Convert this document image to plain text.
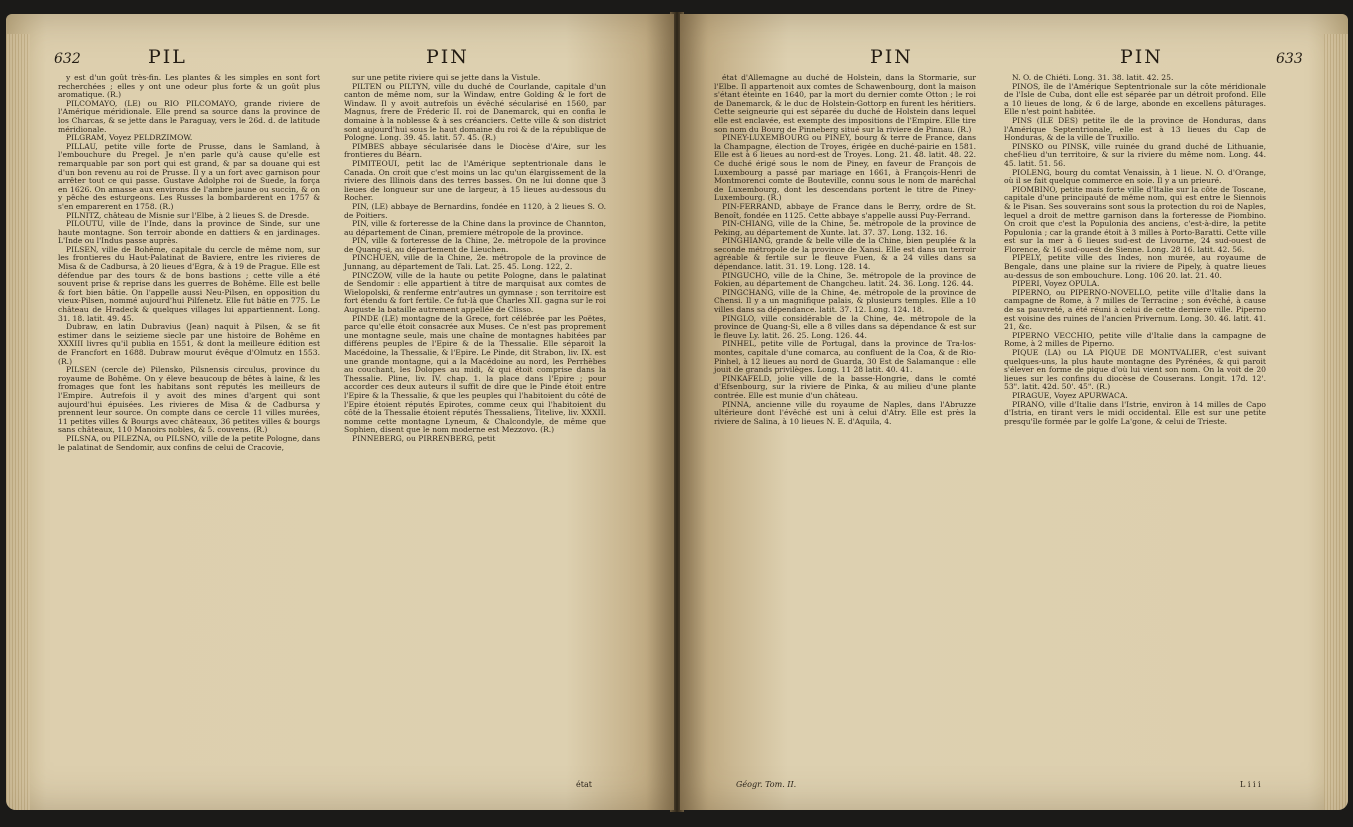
632	PIL	PIN

y est d'un goût très-fin. Les plantes & les simples en sont fort recherchées ; elles y ont une odeur plus forte & un goût plus aromatique. (R.)

PILCOMAYO, (LE) ou RIO PILCOMAYO, grande riviere de l'Amérique méridionale. Elle prend sa source dans la province de los Charcas, & se jette dans le Paraguay, vers le 26d. d. de latitude méridionale.

PILGRAM, Voyez PELDRZIMOW.

PILLAU, petite ville forte de Prusse, dans le Samland, à l'embouchure du Pregel. Je n'en parle qu'à cause qu'elle est remarquable par son port qui est grand, & par sa douane qui est d'un bon revenu au roi de Prusse. Il y a un fort avec garnison pour arrêter tout ce qui passe. Gustave Adolphe roi de Suede, la força en 1626. On amasse aux environs de l'ambre jaune ou succin, & on y pêche des esturgeons. Les Russes la bombarderent en 1757 & s'en emparerent en 1758. (R.)

PILNITZ, château de Misnie sur l'Elbe, à 2 lieues S. de Dresde.

PILOUTU, ville de l'Inde, dans la province de Sinde, sur une haute montagne. Son terroir abonde en dattiers & en jardinages. L'Inde ou l'Indus passe auprès.

PILSEN, ville de Bohême, capitale du cercle de même nom, sur les frontieres du Haut-Palatinat de Baviere, entre les rivieres de Misa & de Cadbursa, à 20 lieues d'Egra, & à 19 de Prague. Elle est défendue par des tours & de bons bastions ; cette ville a été souvent prise & reprise dans les guerres de Bohême. Elle est belle & fort bien bâtie. On l'appelle aussi Neu-Pilsen, en opposition du vieux-Pilsen, nommé aujourd'hui Pilfenetz. Elle fut bâtie en 775. Le château de Hradeck & quelques villages lui appartiennent. Long. 31. 18. latit. 49. 45.

Dubraw, en latin Dubravius (Jean) naquit à Pilsen, & se fit estimer dans le seizieme siecle par une histoire de Bohême en XXXIII livres qu'il publia en 1551, & dont la meilleure édition est de Francfort en 1688. Dubraw mourut évêque d'Olmutz en 1553. (R.)

PILSEN (cercle de) Pilensko, Pilsnensis circulus, province du royaume de Bohême. On y éleve beaucoup de bêtes à laine, & les fromages que font les habitans sont réputés les meilleurs de l'Empire. Autrefois il y avoit des mines d'argent qui sont aujourd'hui épuisées. Les rivieres de Misa & de Cadbursa y prennent leur source. On compte dans ce cercle 11 villes murées, 11 petites villes & Bourgs avec châteaux, 36 petites villes & bourgs sans châteaux, 110 Manoirs nobles, & 5. couvens. (R.)

PILSNA, ou PILEZNA, ou PILSNO, ville de la petite Pologne, dans le palatinat de Sendomir, aux confins de celui de Cracovie,

sur une petite riviere qui se jette dans la Vistule.

PILTEN ou PILTYN, ville du duché de Courlande, capitale d'un canton de même nom, sur la Windaw, entre Golding & le fort de Windaw. Il y avoit autrefois un évêché sécularisé en 1560, par Magnus, frere de Fréderic II. roi de Danemarck, qui en confia le domaine à la noblesse & à ses créanciers. Cette ville & son district sont aujourd'hui sous le haut domaine du roi & de la république de Pologne. Long. 39. 45. latit. 57. 45. (R.)

PIMBES abbaye sécularisée dans le Diocèse d'Aire, sur les frontieres du Béarn.

PIMITEOUI, petit lac de l'Amérique septentrionale dans le Canada. On croit que c'est moins un lac qu'un élargissement de la riviere des Illinois dans des terres basses. On ne lui donne que 3 lieues de longueur sur une de largeur, à 15 lieues au-dessous du Rocher.

PIN, (LE) abbaye de Bernardins, fondée en 1120, à 2 lieues S. O. de Poitiers.

PIN, ville & forteresse de la Chine dans la province de Channton, au département de Cinan, premiere métropole de la province.

PIN, ville & forteresse de la Chine, 2e. métropole de la province de Quang-si, au département de Lieuchen.

PINCHUEN, ville de la Chine, 2e. métropole de la province de Junnang, au département de Tali. Lat. 25. 45. Long. 122, 2.

PINCZOW, ville de la haute ou petite Pologne, dans le palatinat de Sendomir : elle appartient à titre de marquisat aux comtes de Wielopolski, & renferme entr'autres un gymnase ; son territoire est fort étendu & fort fertile. Ce fut-là que Charles XII. gagna sur le roi Auguste la bataille autrement appellée de Clisso.

PINDE (LE) montagne de la Grece, fort célébrée par les Poëtes, parce qu'elle étoit consacrée aux Muses. Ce n'est pas proprement une montagne seule, mais une chaîne de montagnes habitées par différens peuples de l'Epire & de la Thessalie. Elle séparoit la Macédoine, la Thessalie, & l'Epire. Le Pinde, dit Strabon, liv. IX. est une grande montagne, qui a la Macédoine au nord, les Perrhèbes au couchant, les Dolopes au midi, & qui étoit comprise dans la Thessalie. Pline, liv. IV. chap. 1. la place dans l'Epire ; pour accorder ces deux auteurs il suffit de dire que le Pinde étoit entre l'Epire & la Thessalie, & que les peuples qui l'habitoient du côté de l'Epire étoient réputés Epirotes, comme ceux qui l'habitoient du côté de la Thessalie étoient réputés Thessaliens, Titelive, liv. XXXII. nomme cette montagne Lyneum, & Chalcondyle, de même que Sophien, disent que le nom moderne est Mezzovo. (R.)

PINNEBERG, ou PIRRENBERG, petit

état
PIN	PIN	633

état d'Allemagne au duché de Holstein, dans la Stormarie, sur l'Elbe. Il appartenoit aux comtes de Schawenbourg, dont la maison s'étant éteinte en 1640, par la mort du dernier comte Otton ; le roi de Danemarck, & le duc de Holstein-Gottorp en furent les héritiers. Cette seigneurie qui est séparée du duché de Holstein dans lequel elle est enclavée, est exempte des impositions de l'Empire. Elle tire son nom du Bourg de Pinneberg situé sur la riviere de Pinnau. (R.)

PINEY-LUXEMBOURG ou PINEY, bourg & terre de France, dans la Champagne, élection de Troyes, érigée en duché-pairie en 1581. Elle est à 6 lieues au nord-est de Troyes. Long. 21. 48. latit. 48. 22. Ce duché érigé sous le nom de Piney, en faveur de François de Luxembourg a passé par mariage en 1661, à François-Henri de Montmorenci comte de Bouteville, connu sous le nom de maréchal de Luxembourg, dont les descendans portent le titre de Piney-Luxembourg. (R.)

PIN-FERRAND, abbaye de France dans le Berry, ordre de St. Benoît, fondée en 1125. Cette abbaye s'appelle aussi Puy-Ferrand.

PIN-CHIANG, ville de la Chine, 5e. métropole de la province de Peking, au département de Xunte. lat. 37. 37. Long. 132. 16.

PINGHIANG, grande & belle ville de la Chine, bien peuplée & la seconde métropole de la province de Xansi. Elle est dans un terroir agréable & fertile sur le fleuve Fuen, & a 24 villes dans sa dépendance. latit. 31. 19. Long. 128. 14.

PINGUCHO, ville de la Chine, 3e. métropole de la province de Fokien, au département de Changcheu. latit. 24. 36. Long. 126. 44.

PINGCHANG, ville de la Chine, 4e. métropole de la province de Chensi. Il y a un magnifique palais, & plusieurs temples. Elle a 10 villes dans sa dépendance. latit. 37. 12. Long. 124. 18.

PINGLO, ville considérable de la Chine, 4e. métropole de la province de Quang-Si, elle a 8 villes dans sa dépendance & est sur le fleuve Ly. latit. 26. 25. Long. 126. 44.

PINHEL, petite ville de Portugal, dans la province de Tra-los-montes, capitale d'une comarca, au confluent de la Coa, & de Rio-Pinhel, à 12 lieues au nord de Guarda, 30 Est de Salamanque : elle jouit de grands privilèges. Long. 11 28 latit. 40. 41.

PINKAFELD, jolie ville de la basse-Hongrie, dans le comté d'Efsenbourg, sur la riviere de Pinka, & au milieu d'une plante contrée. Elle est munie d'un château.

PINNA, ancienne ville du royaume de Naples, dans l'Abruzze ultérieure dont l'évêché est uni à celui d'Atry. Elle est près la riviere de Salina, à 10 lieues N. E. d'Aquila, 4.

N. O. de Chiéti. Long. 31. 38. latit. 42. 25.

PINOS, île de l'Amérique Septentrionale sur la côte méridionale de l'Isle de Cuba, dont elle est séparée par un détroit profond. Elle a 10 lieues de long, & 6 de large, abonde en excellens pâturages. Elle n'est point habitée.

PINS (ILE DES) petite île de la province de Honduras, dans l'Amérique Septentrionale, elle est à 13 lieues du Cap de Honduras, & de la ville de Truxillo.

PINSKO ou PINSK, ville ruinée du grand duché de Lithuanie, chef-lieu d'un territoire, & sur la riviere du même nom. Long. 44. 45. latit. 51. 56.

PIOLENG, bourg du comtat Venaissin, à 1 lieue. N. O. d'Orange, où il se fait quelque commerce en soie. Il y a un prieuré.

PIOMBINO, petite mais forte ville d'Italie sur la côte de Toscane, capitale d'une principauté de même nom, qui est entre le Siennois & le Pisan. Ses souverains sont sous la protection du roi de Naples, lequel a droit de mettre garnison dans la forteresse de Piombino. On croit que c'est la Populonia des anciens, c'est-à-dire, la petite Populonia ; car la grande étoit à 3 milles à Porto-Baratti. Cette ville est sur la mer à 6 lieues sud-est de Livourne, 24 sud-ouest de Florence, & 16 sud-ouest de Sienne. Long. 28 16. latit. 42. 56.

PIPELY, petite ville des Indes, non murée, au royaume de Bengale, dans une plaine sur la riviere de Pipely, à quatre lieues au-dessus de son embouchure. Long. 106 20. lat. 21. 40.

PIPERI, Voyez OPULA.

PIPERNO, ou PIPERNO-NOVELLO, petite ville d'Italie dans la campagne de Rome, à 7 milles de Terracine ; son évêché, à cause de sa pauvreté, a été réuni à celui de cette derniere ville. Piperno est voisine des ruines de l'ancien Privernum. Long. 30. 46. latit. 41. 21, &c.

PIPERNO VECCHIO, petite ville d'Italie dans la campagne de Rome, à 2 milles de Piperno.

PIQUE (LA) ou LA PIQUE DE MONTVALIER, c'est suivant quelques-uns, la plus haute montagne des Pyrénées, & qui paroit s'élever en forme de pique d'où lui vient son nom. On la voit de 20 lieues sur les confins du diocèse de Couserans. Longit. 17d. 12'. 53". latit. 42d. 50'. 45". (R.)

PIRAGUE, Voyez APURWACA.

PIRANO, ville d'Italie dans l'Istrie, environ à 14 milles de Capo d'Istria, en tirant vers le midi occidental. Elle est sur une petite presqu'île formée par le golfe La'gone, & celui de Trieste.

Géogr. Tom. II.	L i i i
